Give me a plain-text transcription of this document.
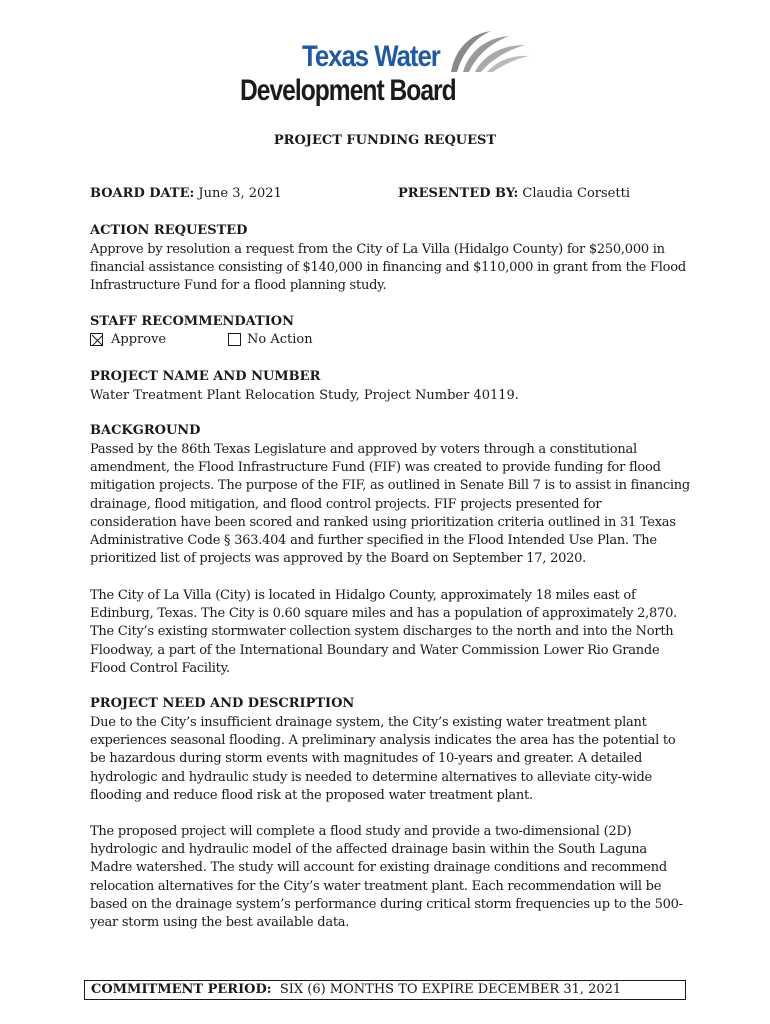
Texas Water
Development Board
PROJECT FUNDING REQUEST
BOARD DATE: June 3, 2021	PRESENTED BY: Claudia Corsetti
ACTION REQUESTED
Approve by resolution a request from the City of La Villa (Hidalgo County) for $250,000 in financial assistance consisting of $140,000 in financing and $110,000 in grant from the Flood Infrastructure Fund for a flood planning study.
STAFF RECOMMENDATION
Approve	No Action
PROJECT NAME AND NUMBER
Water Treatment Plant Relocation Study, Project Number 40119.
BACKGROUND
Passed by the 86th Texas Legislature and approved by voters through a constitutional amendment, the Flood Infrastructure Fund (FIF) was created to provide funding for flood mitigation projects. The purpose of the FIF, as outlined in Senate Bill 7 is to assist in financing drainage, flood mitigation, and flood control projects. FIF projects presented for consideration have been scored and ranked using prioritization criteria outlined in 31 Texas Administrative Code § 363.404 and further specified in the Flood Intended Use Plan. The prioritized list of projects was approved by the Board on September 17, 2020.
The City of La Villa (City) is located in Hidalgo County, approximately 18 miles east of Edinburg, Texas. The City is 0.60 square miles and has a population of approximately 2,870. The City’s existing stormwater collection system discharges to the north and into the North Floodway, a part of the International Boundary and Water Commission Lower Rio Grande Flood Control Facility.
PROJECT NEED AND DESCRIPTION
Due to the City’s insufficient drainage system, the City’s existing water treatment plant experiences seasonal flooding. A preliminary analysis indicates the area has the potential to be hazardous during storm events with magnitudes of 10-years and greater. A detailed hydrologic and hydraulic study is needed to determine alternatives to alleviate city-wide flooding and reduce flood risk at the proposed water treatment plant.
The proposed project will complete a flood study and provide a two-dimensional (2D) hydrologic and hydraulic model of the affected drainage basin within the South Laguna Madre watershed. The study will account for existing drainage conditions and recommend relocation alternatives for the City’s water treatment plant. Each recommendation will be based on the drainage system’s performance during critical storm frequencies up to the 500-year storm using the best available data.
COMMITMENT PERIOD:  SIX (6) MONTHS TO EXPIRE DECEMBER 31, 2021
